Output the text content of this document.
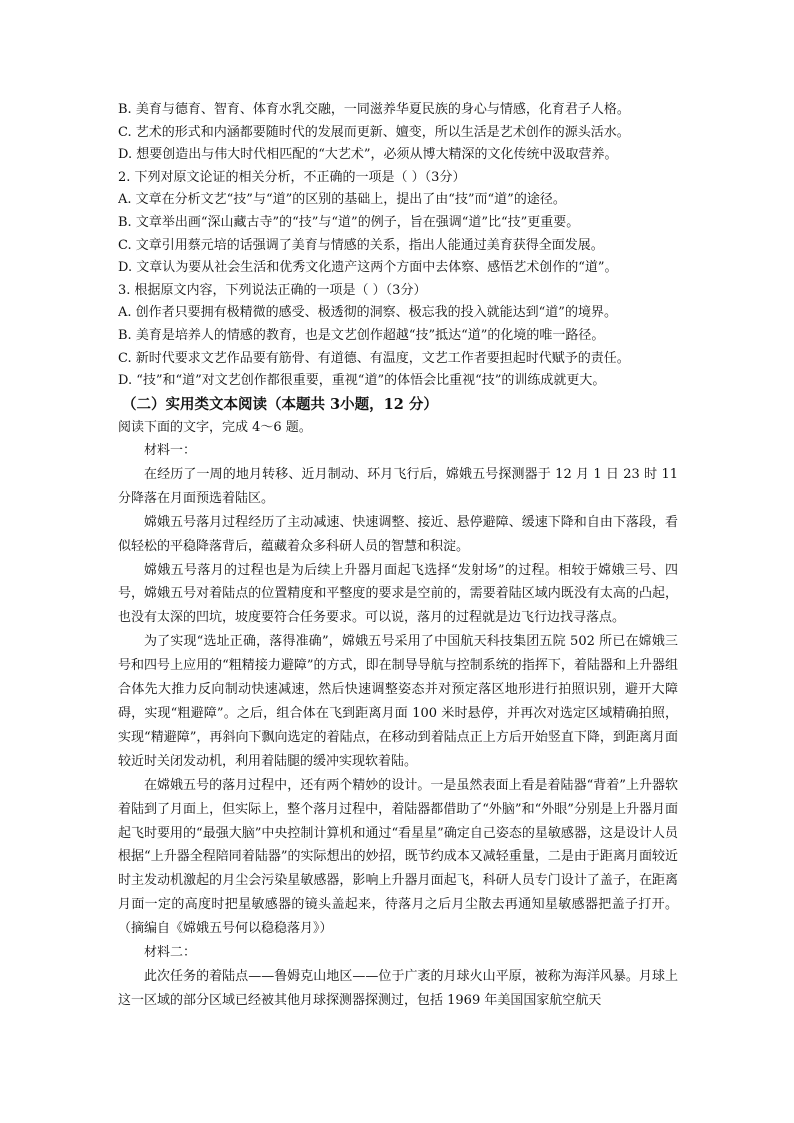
B. 美育与德育、智育、体育水乳交融，一同滋养华夏民族的身心与情感，化育君子人格。
C. 艺术的形式和内涵都要随时代的发展而更新、嬗变，所以生活是艺术创作的源头活水。
D. 想要创造出与伟大时代相匹配的“大艺术”，必须从博大精深的文化传统中汲取营养。
2. 下列对原文论证的相关分析，不正确的一项是（ ）（3分）
A. 文章在分析文艺“技”与“道”的区别的基础上，提出了由“技”而“道”的途径。
B. 文章举出画“深山藏古寺”的“技”与“道”的例子，旨在强调“道”比“技”更重要。
C. 文章引用蔡元培的话强调了美育与情感的关系，指出人能通过美育获得全面发展。
D. 文章认为要从社会生活和优秀文化遗产这两个方面中去体察、感悟艺术创作的“道”。
3. 根据原文内容，下列说法正确的一项是（ ）（3分）
A. 创作者只要拥有极精微的感受、极透彻的洞察、极忘我的投入就能达到“道”的境界。
B. 美育是培养人的情感的教育，也是文艺创作超越“技”抵达“道”的化境的唯一路径。
C. 新时代要求文艺作品要有筋骨、有道德、有温度，文艺工作者要担起时代赋予的责任。
D. “技”和“道”对文艺创作都很重要，重视“道”的体悟会比重视“技”的训练成就更大。
（二）实用类文本阅读（本题共 3小题，12 分）
阅读下面的文字，完成 4～6 题。
材料一：
在经历了一周的地月转移、近月制动、环月飞行后，嫦娥五号探测器于 12 月 1 日 23 时 11 分降落在月面预选着陆区。
嫦娥五号落月过程经历了主动减速、快速调整、接近、悬停避障、缓速下降和自由下落段，看似轻松的平稳降落背后，蕴藏着众多科研人员的智慧和积淀。
嫦娥五号落月的过程也是为后续上升器月面起飞选择“发射场”的过程。相较于嫦娥三号、四号，嫦娥五号对着陆点的位置精度和平整度的要求是空前的，需要着陆区域内既没有太高的凸起，也没有太深的凹坑，坡度要符合任务要求。可以说，落月的过程就是边飞行边找寻落点。
为了实现“选址正确，落得准确”，嫦娥五号采用了中国航天科技集团五院 502 所已在嫦娥三号和四号上应用的“粗精接力避障”的方式，即在制导导航与控制系统的指挥下，着陆器和上升器组合体先大推力反向制动快速减速，然后快速调整姿态并对预定落区地形进行拍照识别，避开大障碍，实现“粗避障”。之后，组合体在飞到距离月面 100 米时悬停，并再次对选定区域精确拍照，实现“精避障”，再斜向下飘向选定的着陆点，在移动到着陆点正上方后开始竖直下降，到距离月面较近时关闭发动机，利用着陆腿的缓冲实现软着陆。
在嫦娥五号的落月过程中，还有两个精妙的设计。一是虽然表面上看是着陆器“背着”上升器软着陆到了月面上，但实际上，整个落月过程中，着陆器都借助了“外脑”和“外眼”分别是上升器月面起飞时要用的“最强大脑”中央控制计算机和通过“看星星”确定自己姿态的星敏感器，这是设计人员根据“上升器全程陪同着陆器”的实际想出的妙招，既节约成本又减轻重量，二是由于距离月面较近时主发动机激起的月尘会污染星敏感器，影响上升器月面起飞，科研人员专门设计了盖子，在距离月面一定的高度时把星敏感器的镜头盖起来，待落月之后月尘散去再通知星敏感器把盖子打开。（摘编自《嫦娥五号何以稳稳落月》）
材料二：
此次任务的着陆点——鲁姆克山地区——位于广袤的月球火山平原，被称为海洋风暴。月球上这一区域的部分区域已经被其他月球探测器探测过，包括 1969 年美国国家航空航天
